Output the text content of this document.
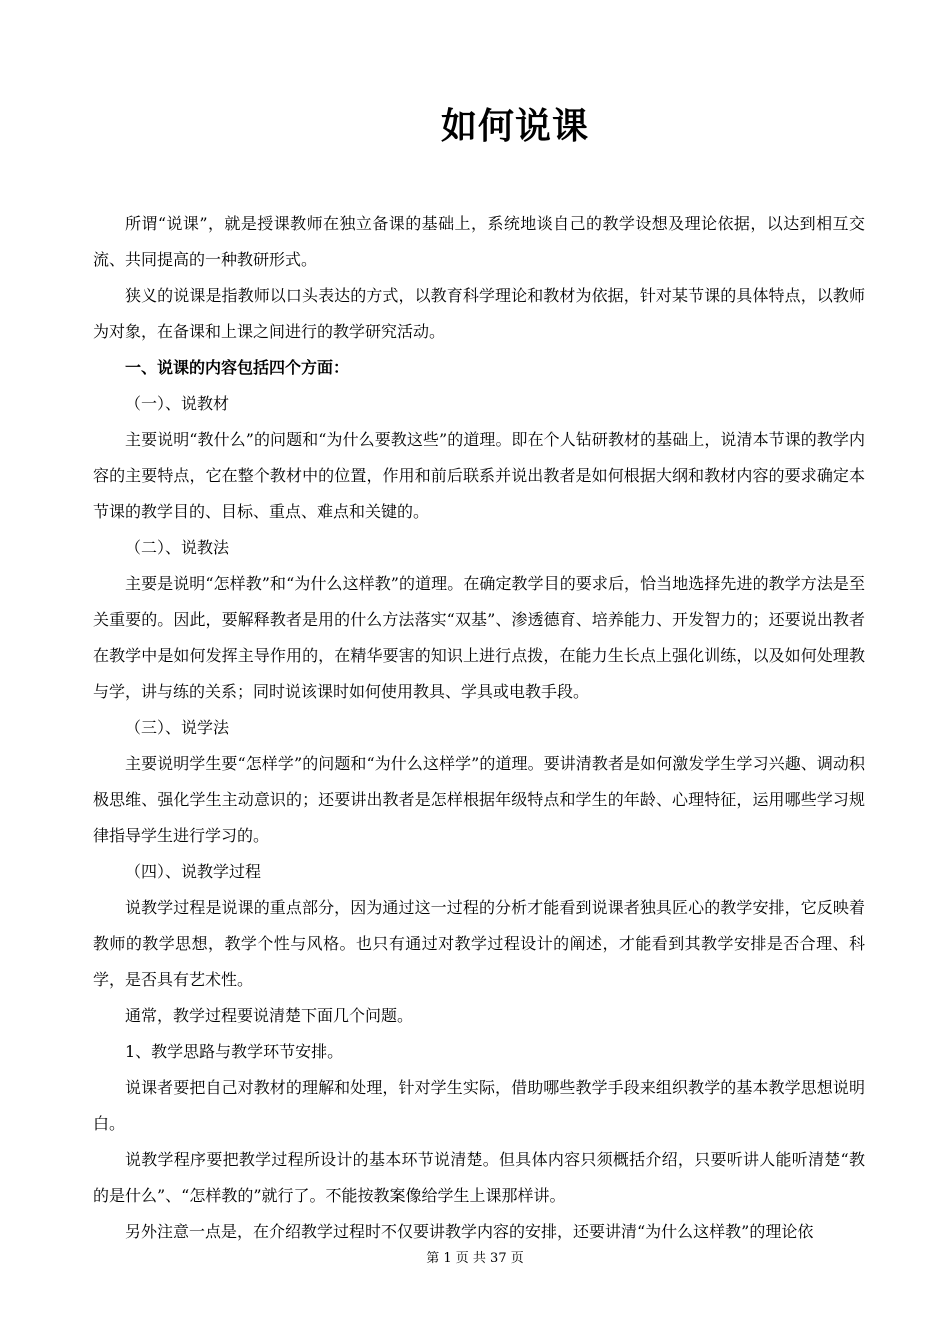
如何说课

所谓“说课”，就是授课教师在独立备课的基础上，系统地谈自己的教学设想及理论依据，以达到相互交流、共同提高的一种教研形式。

狭义的说课是指教师以口头表达的方式，以教育科学理论和教材为依据，针对某节课的具体特点，以教师为对象，在备课和上课之间进行的教学研究活动。

一、说课的内容包括四个方面：

（一）、说教材

主要说明“教什么”的问题和“为什么要教这些”的道理。即在个人钻研教材的基础上，说清本节课的教学内容的主要特点，它在整个教材中的位置，作用和前后联系并说出教者是如何根据大纲和教材内容的要求确定本节课的教学目的、目标、重点、难点和关键的。

（二）、说教法

主要是说明“怎样教”和“为什么这样教”的道理。在确定教学目的要求后，恰当地选择先进的教学方法是至关重要的。因此，要解释教者是用的什么方法落实“双基”、渗透德育、培养能力、开发智力的；还要说出教者在教学中是如何发挥主导作用的，在精华要害的知识上进行点拨，在能力生长点上强化训练，以及如何处理教与学，讲与练的关系；同时说该课时如何使用教具、学具或电教手段。

（三）、说学法

主要说明学生要“怎样学”的问题和“为什么这样学”的道理。要讲清教者是如何激发学生学习兴趣、调动积极思维、强化学生主动意识的；还要讲出教者是怎样根据年级特点和学生的年龄、心理特征，运用哪些学习规律指导学生进行学习的。

（四）、说教学过程

说教学过程是说课的重点部分，因为通过这一过程的分析才能看到说课者独具匠心的教学安排，它反映着教师的教学思想，教学个性与风格。也只有通过对教学过程设计的阐述，才能看到其教学安排是否合理、科学，是否具有艺术性。

通常，教学过程要说清楚下面几个问题。

1、教学思路与教学环节安排。

说课者要把自己对教材的理解和处理，针对学生实际，借助哪些教学手段来组织教学的基本教学思想说明白。

说教学程序要把教学过程所设计的基本环节说清楚。但具体内容只须概括介绍，只要听讲人能听清楚“教的是什么”、“怎样教的”就行了。不能按教案像给学生上课那样讲。

另外注意一点是，在介绍教学过程时不仅要讲教学内容的安排，还要讲清“为什么这样教”的理论依

第 1 页 共 37 页
